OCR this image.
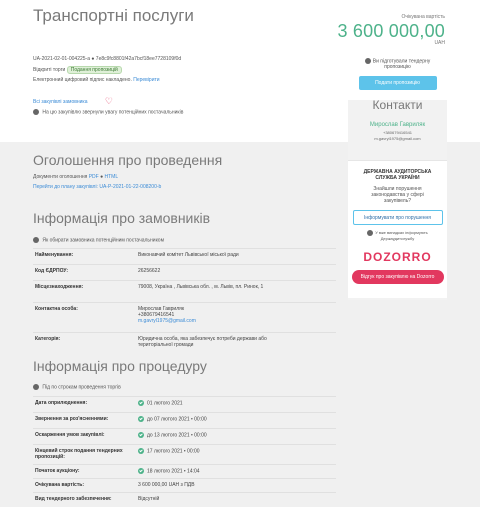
Транспортні послуги	Очікувана вартість
3 600 000,00
UAH
UA-2021-02-01-004225-a ● 7e8c9fc8801f42a7bcf18ee7728109f0d
Відкриті торги Подання пропозицій
Електронний цифровий підпис накладено. Перевірити
Всі закупівлі замовника ♡
На цю закупівлю звернули увагу потенційних постачальників
Ви підготували тендерну пропозицію
Подати пропозицію
Контакти
Мирослав Гавриляк
+380679416541
m.gavryl1975@gmail.com
ДЕРЖАВНА АУДИТОРСЬКА СЛУЖБА УКРАЇНИ
Знайшли порушення законодавства у сфері закупівель?
Інформувати про порушення
У вже випадках інформують Держаудитслужбу
DOZORRO
Відгук про закупівлю на Dozorro
Оголошення про проведення
Документи оголошення PDF ● HTML
Перейти до плану закупівлі: UA-P-2021-01-22-008200-b
Інформація про замовників
Як обирати замовника потенційним постачальником
Найменування:	Виконавчий комітет Львівської міської ради
Код ЄДРПОУ:	26256622
Місцезнаходження:	79008, Україна , Львівська обл. , м. Львів, пл. Ринок, 1
Контактна особа:	Мирослав Гавриляк
+380679416541
m.gavryl1975@gmail.com

Категорія:	Юридична особа, яка забезпечує потреби держави або територіальної громади
Інформація про процедуру
Під по строкам проведення торгів
Дата оприлюднення:	01 лютого 2021
Звернення за роз'ясненнями:	до 07 лютого 2021 • 00:00
Оскарження умов закупівлі:	до 13 лютого 2021 • 00:00
Кінцевий строк подання тендерних пропозицій:	17 лютого 2021 • 00:00
Початок аукціону:	18 лютого 2021 • 14:04
Очікувана вартість:	3 600 000,00 UAH з ПДВ
Вид тендерного забезпечення:	Відсутній
